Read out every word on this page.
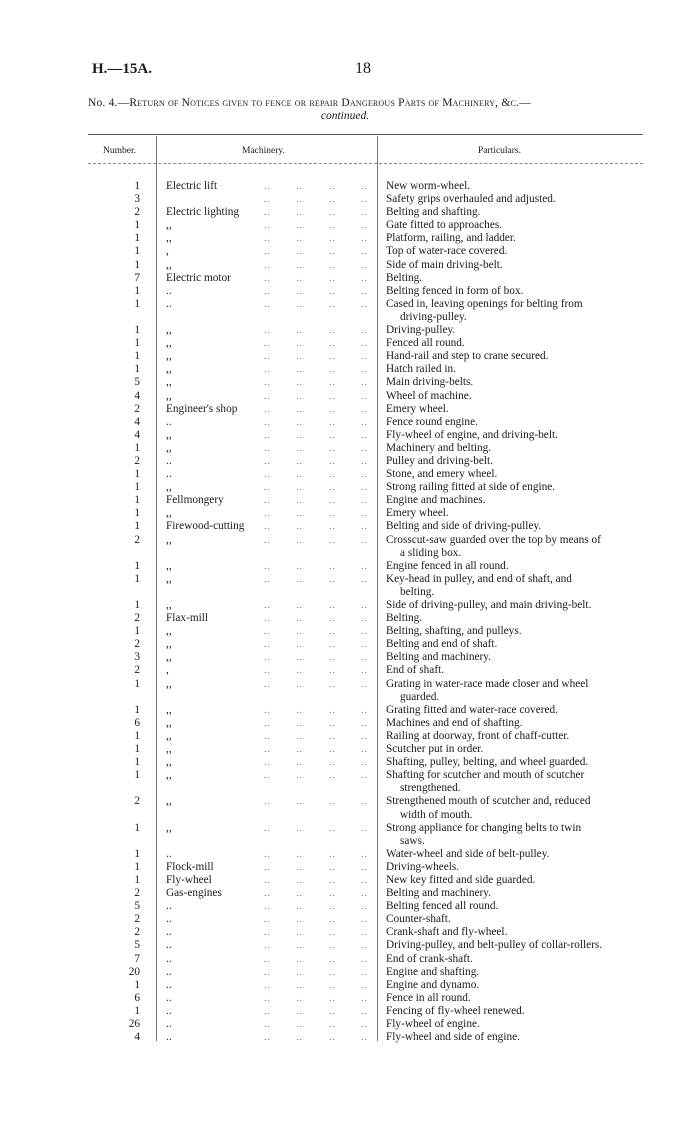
H.—15A.	18
No. 4.—Return of Notices given to fence or repair Dangerous Parts of Machinery, &c.—
continued.
Number.	Machinery.	Particulars.
1 Electric lift	..        ..        ..        .. New worm-wheel.
3	..        ..        ..        .. Safety grips overhauled and adjusted.
2 Electric lighting	..        ..        ..        .. Belting and shafting.
1 ,,	..        ..        ..        .. Gate fitted to approaches.
1 ,,	..        ..        ..        .. Platform, railing, and ladder.
1 ,	..        ..        ..        .. Top of water-race covered.
1 ,,	..        ..        ..        .. Side of main driving-belt.
7 Electric motor	..        ..        ..        .. Belting.
1 ..	..        ..        ..        .. Belting fenced in form of box.
1 ..	..        ..        ..        .. Cased in, leaving openings for belting from
driving-pulley.
1 ,,	..        ..        ..        .. Driving-pulley.
1 ,,	..        ..        ..        .. Fenced all round.
1 ,,	..        ..        ..        .. Hand-rail and step to crane secured.
1 ,,	..        ..        ..        .. Hatch railed in.
5 ,,	..        ..        ..        .. Main driving-belts.
4 ,,	..        ..        ..        .. Wheel of machine.
2 Engineer's shop	..        ..        ..        .. Emery wheel.
4 ..	..        ..        ..        .. Fence round engine.
4 ,,	..        ..        ..        .. Fly-wheel of engine, and driving-belt.
1 ,,	..        ..        ..        .. Machinery and belting.
2 ..	..        ..        ..        .. Pulley and driving-belt.
1 ..	..        ..        ..        .. Stone, and emery wheel.
1 ,,	..        ..        ..        .. Strong railing fitted at side of engine.
1 Fellmongery	..        ..        ..        .. Engine and machines.
1 ,,	..        ..        ..        .. Emery wheel.
1 Firewood-cutting ..        ..        ..        .. Belting and side of driving-pulley.
2 ,,	..        ..        ..        .. Crosscut-saw guarded over the top by means of
a sliding box.
1 ,,	..        ..        ..        .. Engine fenced in all round.
1 ,,	..        ..        ..        .. Key-head in pulley, and end of shaft, and
belting.
1 ,,	..        ..        ..        .. Side of driving-pulley, and main driving-belt.
2 Flax-mill	..        ..        ..        .. Belting.
1 ,,	..        ..        ..        .. Belting, shafting, and pulleys.
2 ,,	..        ..        ..        .. Belting and end of shaft.
3 ,,	..        ..        ..        .. Belting and machinery.
2 ,	..        ..        ..        .. End of shaft.
1 ,,	..        ..        ..        .. Grating in water-race made closer and wheel
guarded.
1 ,,	..        ..        ..        .. Grating fitted and water-race covered.
6 ,,	..        ..        ..        .. Machines and end of shafting.
1 ,,	..        ..        ..        .. Railing at doorway, front of chaff-cutter.
1 ,,	..        ..        ..        .. Scutcher put in order.
1 ,,	..        ..        ..        .. Shafting, pulley, belting, and wheel guarded.
1 ,,	..        ..        ..        .. Shafting for scutcher and mouth of scutcher
strengthened.
2 ,,	..        ..        ..        .. Strengthened mouth of scutcher and, reduced
width of mouth.
1 ,,	..        ..        ..        .. Strong appliance for changing belts to twin
saws.
1 ..	..        ..        ..        .. Water-wheel and side of belt-pulley.
1 Flock-mill	..        ..        ..        .. Driving-wheels.
1 Fly-wheel	..        ..        ..        .. New key fitted and side guarded.
2 Gas-engines	..        ..        ..        .. Belting and machinery.
5 ..	..        ..        ..        .. Belting fenced all round.
2 ..	..        ..        ..        .. Counter-shaft.
2 ..	..        ..        ..        .. Crank-shaft and fly-wheel.
5 ..	..        ..        ..        .. Driving-pulley, and belt-pulley of collar-rollers.
7 ..	..        ..        ..        .. End of crank-shaft.
20 ..	..        ..        ..        .. Engine and shafting.
1 ..	..        ..        ..        .. Engine and dynamo.
6 ..	..        ..        ..        .. Fence in all round.
1 ..	..        ..        ..        .. Fencing of fly-wheel renewed.
26 ..	..        ..        ..        .. Fly-wheel of engine.
4 ..	..        ..        ..        .. Fly-wheel and side of engine.
